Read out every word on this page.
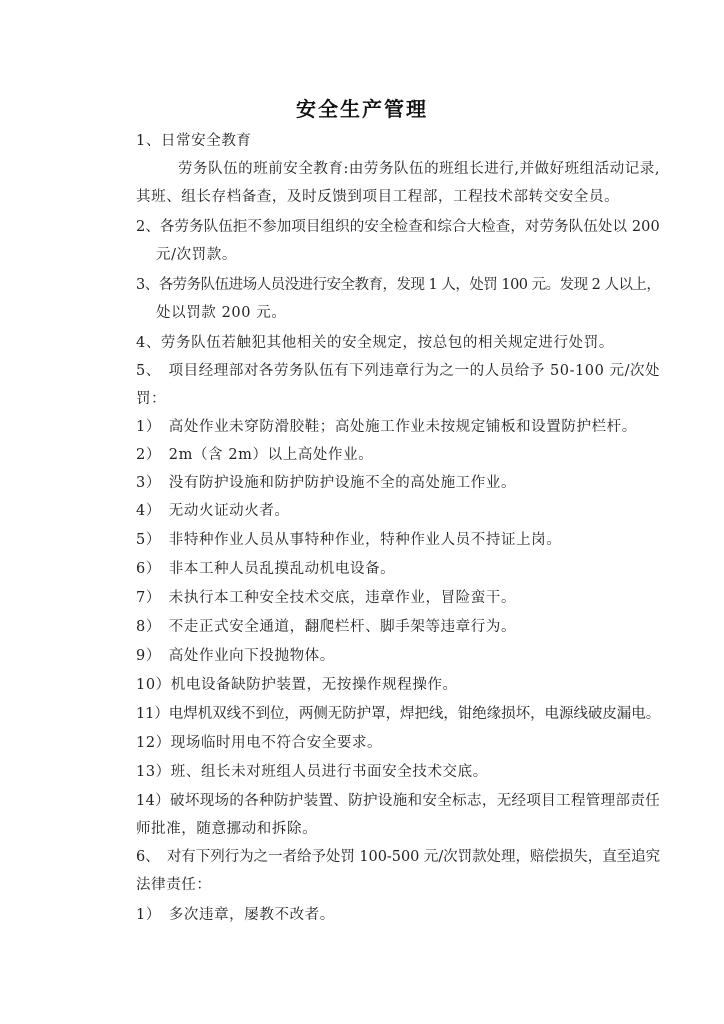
安全生产管理
1、日常安全教育
劳务队伍的班前安全教育:由劳务队伍的班组长进行,并做好班组活动记录,
其班、组长存档备查，及时反馈到项目工程部，工程技术部转交安全员。
2、各劳务队伍拒不参加项目组织的安全检查和综合大检查，对劳务队伍处以 200
元/次罚款。
3、各劳务队伍进场人员没进行安全教育，发现 1 人，处罚 100 元。发现 2 人以上，
处以罚款 200 元。
4、劳务队伍若触犯其他相关的安全规定，按总包的相关规定进行处罚。
5、　项目经理部对各劳务队伍有下列违章行为之一的人员给予 50-100 元/次处
罚：
1）　高处作业未穿防滑胶鞋；高处施工作业未按规定铺板和设置防护栏杆。
2）　2m（含 2m）以上高处作业。
3）　没有防护设施和防护防护设施不全的高处施工作业。
4）　无动火证动火者。
5）　非特种作业人员从事特种作业，特种作业人员不持证上岗。
6）　非本工种人员乱摸乱动机电设备。
7）　未执行本工种安全技术交底，违章作业，冒险蛮干。
8）　不走正式安全通道，翻爬栏杆、脚手架等违章行为。
9）　高处作业向下投抛物体。
10）机电设备缺防护装置，无按操作规程操作。
11）电焊机双线不到位，两侧无防护罩，焊把线，钳绝缘损坏，电源线破皮漏电。
12）现场临时用电不符合安全要求。
13）班、组长未对班组人员进行书面安全技术交底。
14）破坏现场的各种防护装置、防护设施和安全标志，无经项目工程管理部责任
师批准，随意挪动和拆除。
6、　对有下列行为之一者给予处罚 100-500 元/次罚款处理，赔偿损失，直至追究
法律责任：
1）　多次违章，屡教不改者。
